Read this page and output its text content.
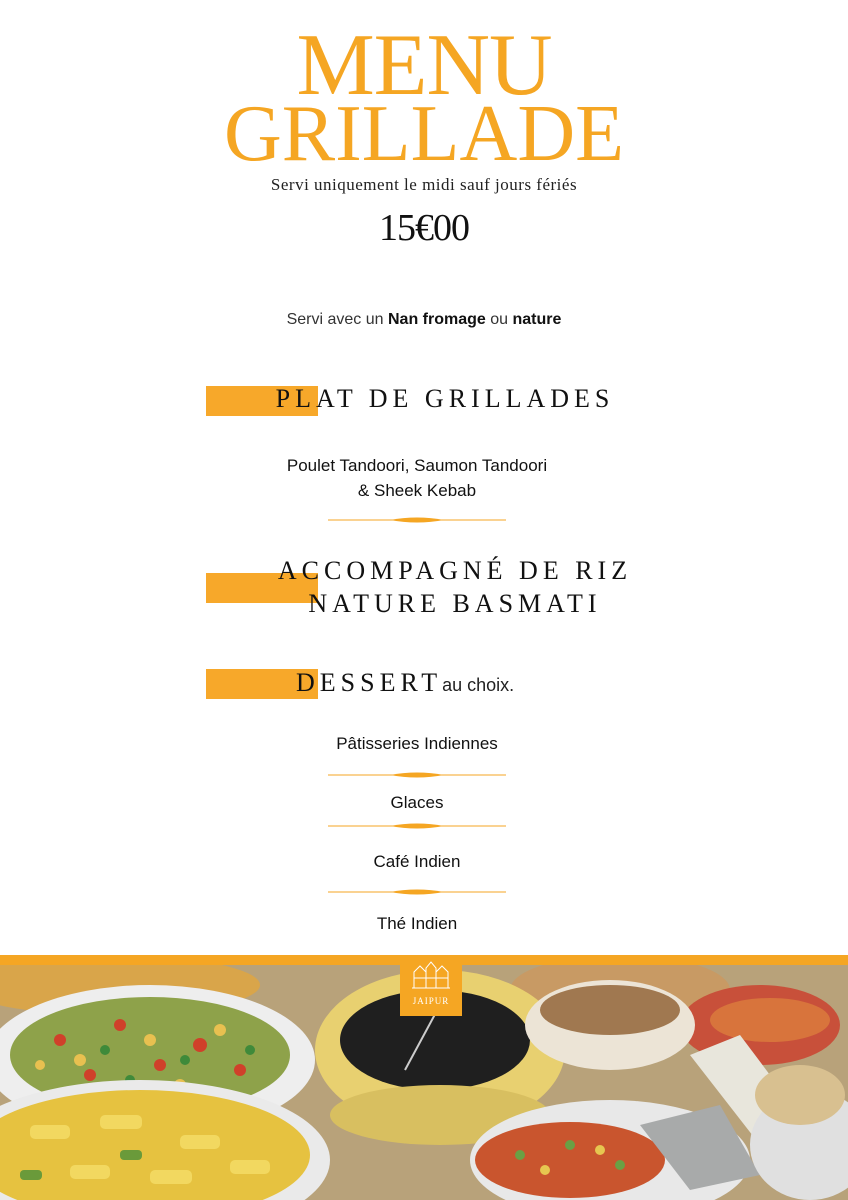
MENU
GRILLADE
Servi uniquement le midi sauf jours fériés
15€00
Servi avec un Nan fromage ou nature
PLAT DE GRILLADES
Poulet Tandoori, Saumon Tandoori
& Sheek Kebab
ACCOMPAGNÉ DE RIZ
NATURE BASMATI
DESSERTau choix.
Pâtisseries Indiennes
Glaces
Café Indien
Thé Indien
JAIPUR
